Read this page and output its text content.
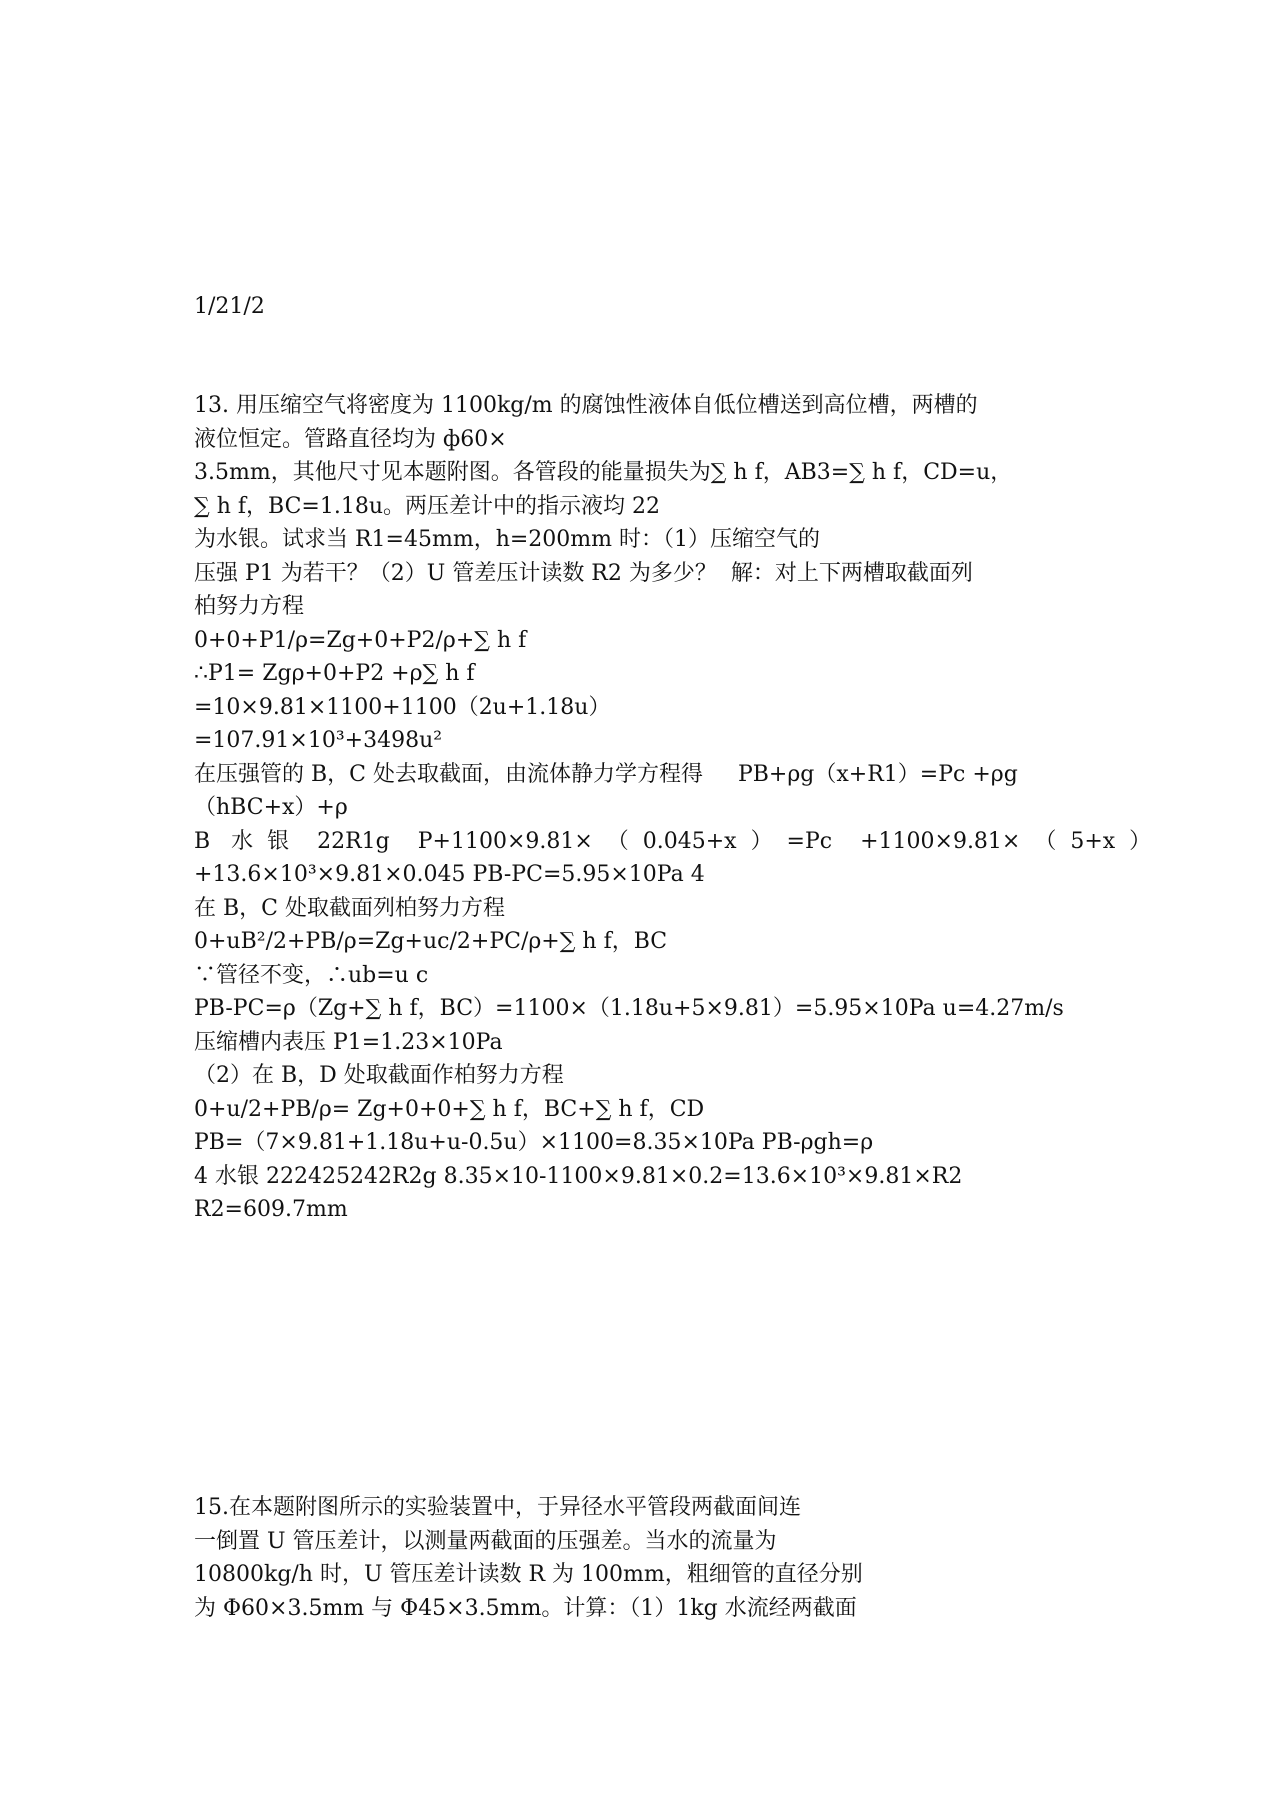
1/21/2
13. 用压缩空气将密度为 1100kg/m 的腐蚀性液体自低位槽送到高位槽，两槽的
液位恒定。管路直径均为 ф60×
3.5mm，其他尺寸见本题附图。各管段的能量损失为∑ h f，AB3=∑ h f，CD=u，
∑ h f，BC=1.18u。两压差计中的指示液均 22
为水银。试求当 R1=45mm，h=200mm 时：（1）压缩空气的
压强 P1 为若干？（2）U 管差压计读数 R2 为多少？  解：对上下两槽取截面列
柏努力方程
0+0+P1/ρ=Zg+0+P2/ρ+∑ h f
∴P1= Zgρ+0+P2 +ρ∑ h f
=10×9.81×1100+1100（2u+1.18u）
=107.91×10³+3498u²
在压强管的 B，C 处去取截面，由流体静力学方程得     PB+ρg（x+R1）=Pc +ρg
（hBC+x）+ρ
B   水  银    22R1g    P+1100×9.81×  （  0.045+x  ）  =Pc    +1100×9.81×  （  5+x  ）
+13.6×10³×9.81×0.045 PB-PC=5.95×10Pa 4
在 B，C 处取截面列柏努力方程
0+uB²/2+PB/ρ=Zg+uc/2+PC/ρ+∑ h f，BC
∵管径不变，∴ub=u c
PB-PC=ρ（Zg+∑ h f，BC）=1100×（1.18u+5×9.81）=5.95×10Pa u=4.27m/s
压缩槽内表压 P1=1.23×10Pa
（2）在 B，D 处取截面作柏努力方程
0+u/2+PB/ρ= Zg+0+0+∑ h f，BC+∑ h f，CD
PB=（7×9.81+1.18u+u-0.5u）×1100=8.35×10Pa PB-ρgh=ρ
4 水银 222425242R2g 8.35×10-1100×9.81×0.2=13.6×10³×9.81×R2
R2=609.7mm
15.在本题附图所示的实验装置中，于异径水平管段两截面间连
一倒置 U 管压差计，以测量两截面的压强差。当水的流量为
10800kg/h 时，U 管压差计读数 R 为 100mm，粗细管的直径分别
为 Φ60×3.5mm 与 Φ45×3.5mm。计算：（1）1kg 水流经两截面
